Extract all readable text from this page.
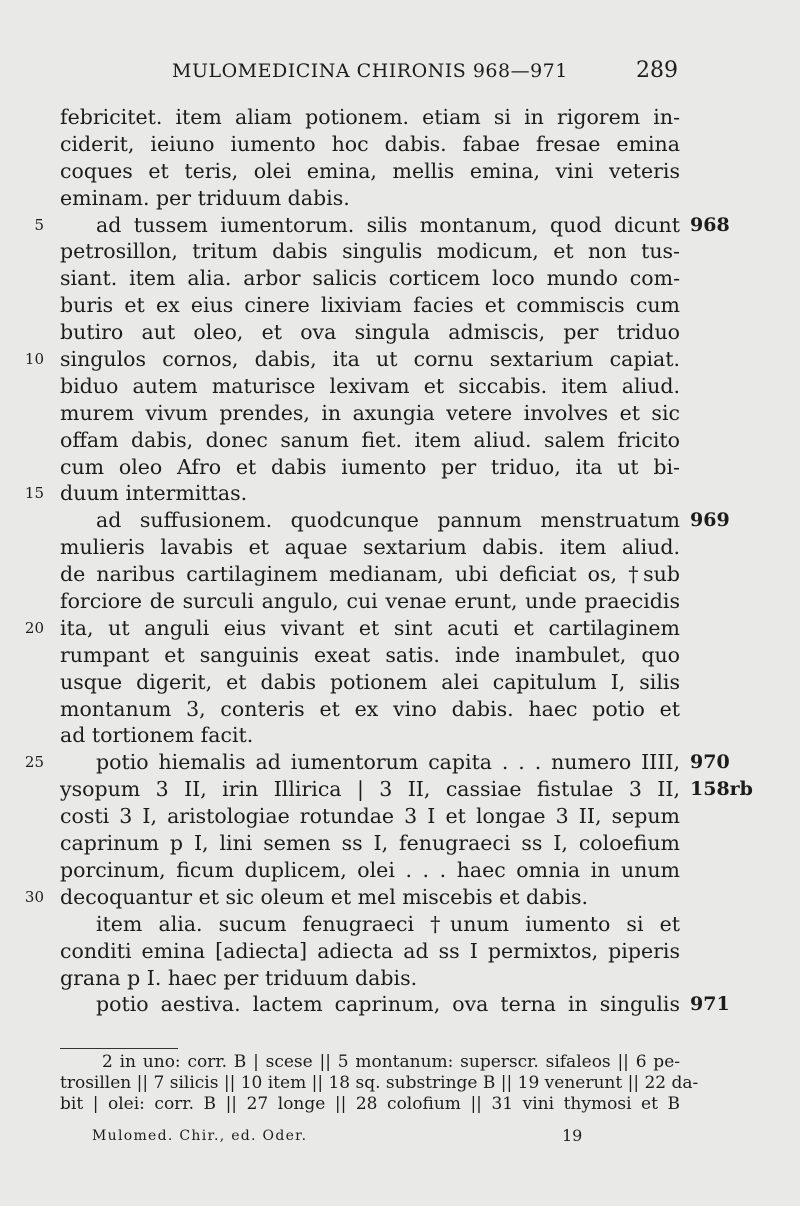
MULOMEDICINA CHIRONIS 968—971	289
febricitet. item aliam potionem. etiam si in rigorem in-
ciderit, ieiuno iumento hoc dabis. fabae fresae emina
coques et teris, olei emina, mellis emina, vini veteris
eminam. per triduum dabis.
5	ad tussem iumentorum. silis montanum, quod dicunt 968
petrosillon, tritum dabis singulis modicum, et non tus-
siant. item alia. arbor salicis corticem loco mundo com-
buris et ex eius cinere lixiviam facies et commiscis cum
butiro aut oleo, et ova singula admiscis, per triduo
10 singulos cornos, dabis, ita ut cornu sextarium capiat.
biduo autem maturisce lexivam et siccabis. item aliud.
murem vivum prendes, in axungia vetere involves et sic
offam dabis, donec sanum fiet. item aliud. salem fricito
cum oleo Afro et dabis iumento per triduo, ita ut bi-
15 duum intermittas.
ad suffusionem. quodcunque pannum menstruatum 969
mulieris lavabis et aquae sextarium dabis. item aliud.
de naribus cartilaginem medianam, ubi deficiat os, †sub
forciore de surculi angulo, cui venae erunt, unde praecidis
20 ita, ut anguli eius vivant et sint acuti et cartilaginem
rumpant et sanguinis exeat satis. inde inambulet, quo
usque digerit, et dabis potionem alei capitulum I, silis
montanum 3, conteris et ex vino dabis. haec potio et
ad tortionem facit.
25	potio hiemalis ad iumentorum capita . . . numero IIII, 970
ysopum 3 II, irin Illirica | 3 II, cassiae fistulae 3 II, 158rb
costi 3 I, aristologiae rotundae 3 I et longae 3 II, sepum
caprinum p I, lini semen ss I, fenugraeci ss I, coloefium
porcinum, ficum duplicem, olei . . . haec omnia in unum
30 decoquantur et sic oleum et mel miscebis et dabis.
item alia. sucum fenugraeci †unum iumento si et
conditi emina [adiecta] adiecta ad ss I permixtos, piperis
grana p I. haec per triduum dabis.
potio aestiva. lactem caprinum, ova terna in singulis 971
2 in uno: corr. B | scese || 5 montanum: superscr. sifaleos || 6 pe-
trosillen || 7 silicis || 10 item || 18 sq. substringe B || 19 venerunt || 22 da-
bit | olei: corr. B || 27 longe || 28 colofium || 31 vini thymosi et B
Mulomed. Chir., ed. Oder.	19
